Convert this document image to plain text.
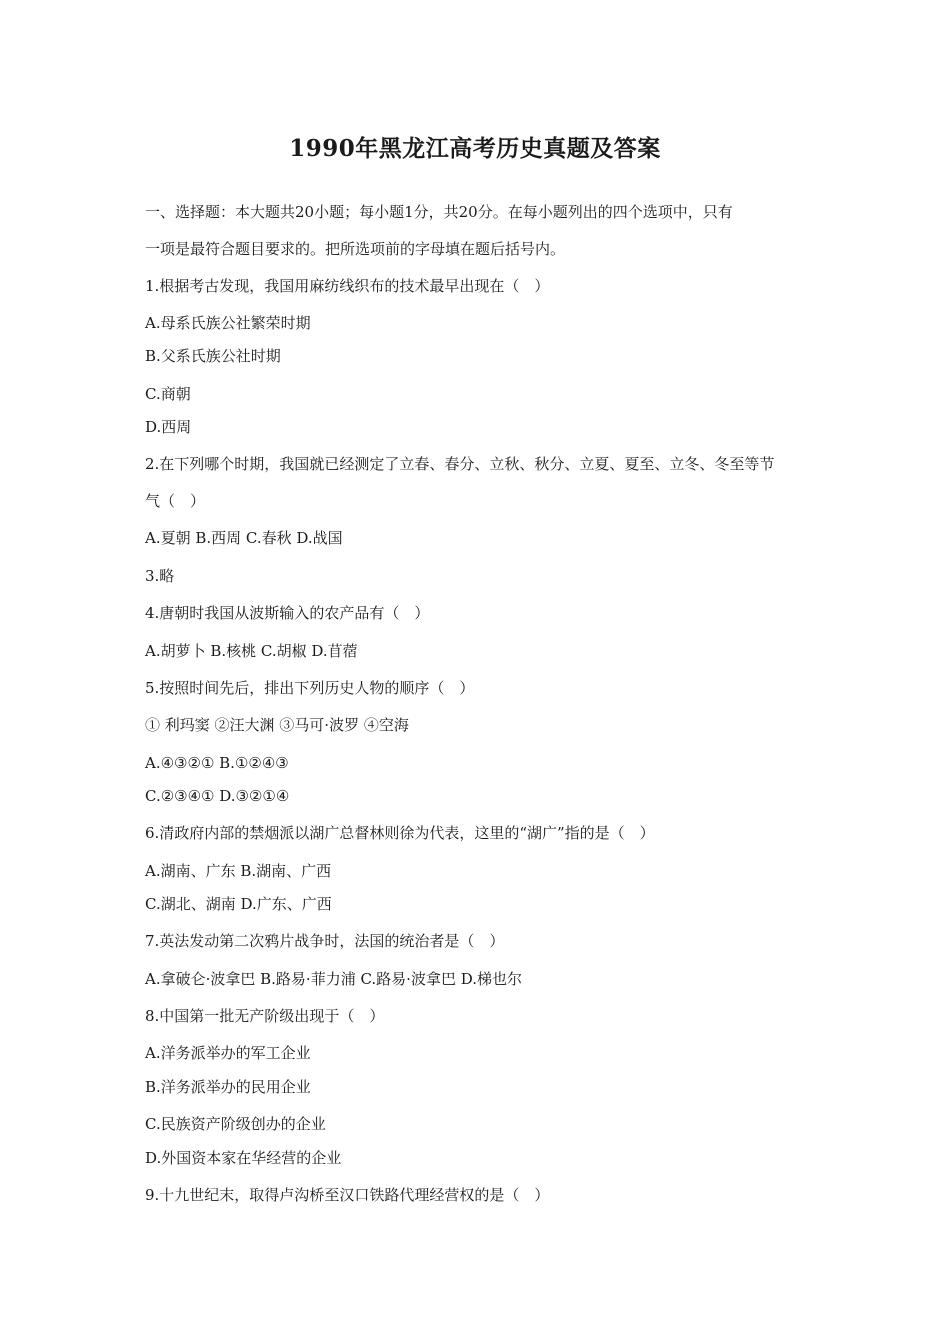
1990年黑龙江高考历史真题及答案
一、选择题：本大题共20小题；每小题1分，共20分。在每小题列出的四个选项中，只有
一项是最符合题目要求的。把所选项前的字母填在题后括号内。
1.根据考古发现，我国用麻纺线织布的技术最早出现在（　）
A.母系氏族公社繁荣时期
B.父系氏族公社时期
C.商朝
D.西周
2.在下列哪个时期，我国就已经测定了立春、春分、立秋、秋分、立夏、夏至、立冬、冬至等节
气（　）
A.夏朝 B.西周 C.春秋 D.战国
3.略
4.唐朝时我国从波斯输入的农产品有（　）
A.胡萝卜 B.核桃 C.胡椒 D.苜蓿
5.按照时间先后，排出下列历史人物的顺序（　）
① 利玛窦 ②汪大渊 ③马可·波罗 ④空海
A.④③②① B.①②④③
C.②③④① D.③②①④
6.清政府内部的禁烟派以湖广总督林则徐为代表，这里的“湖广”指的是（　）
A.湖南、广东 B.湖南、广西
C.湖北、湖南 D.广东、广西
7.英法发动第二次鸦片战争时，法国的统治者是（　）
A.拿破仑·波拿巴 B.路易·菲力浦 C.路易·波拿巴 D.梯也尔
8.中国第一批无产阶级出现于（　）
A.洋务派举办的军工企业
B.洋务派举办的民用企业
C.民族资产阶级创办的企业
D.外国资本家在华经营的企业
9.十九世纪末，取得卢沟桥至汉口铁路代理经营权的是（　）
